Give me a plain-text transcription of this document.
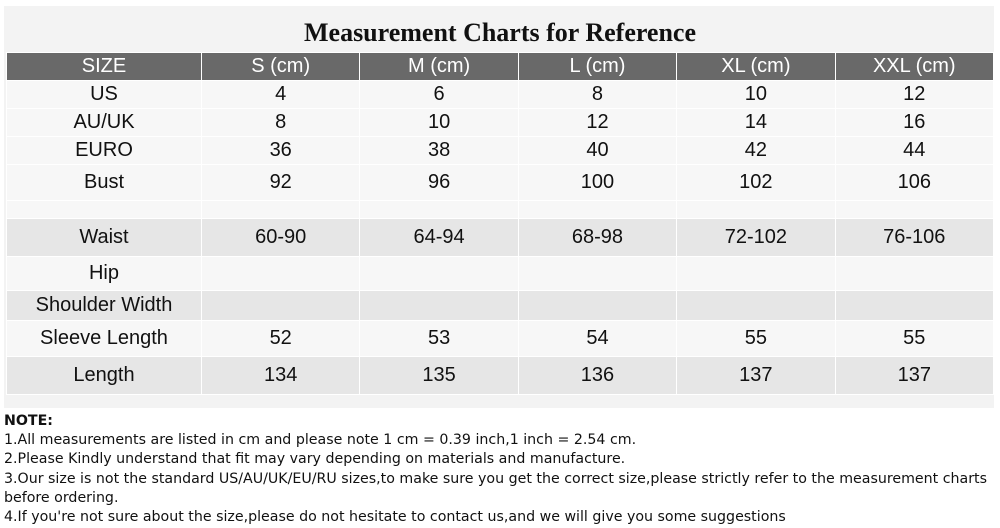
Measurement Charts for Reference
SIZE	S (cm)	M (cm)	L (cm)	XL (cm)	XXL (cm)
US	4	6	8	10	12
AU/UK	8	10	12	14	16
EURO	36	38	40	42	44
Bust	92	96	100	102	106

Waist	60-90	64-94	68-98	72-102	76-106
Hip					
Shoulder Width					
Sleeve Length	52	53	54	55	55
Length	134	135	136	137	137

NOTE:

1.All measurements are listed in cm and please note 1 cm = 0.39 inch,1 inch = 2.54 cm.

2.Please Kindly understand that fit may vary depending on materials and manufacture.

3.Our size is not the standard US/AU/UK/EU/RU sizes,to make sure you get the correct size,please strictly refer to the measurement charts before ordering.

4.If you're not sure about the size,please do not hesitate to contact us,and we will give you some suggestions
